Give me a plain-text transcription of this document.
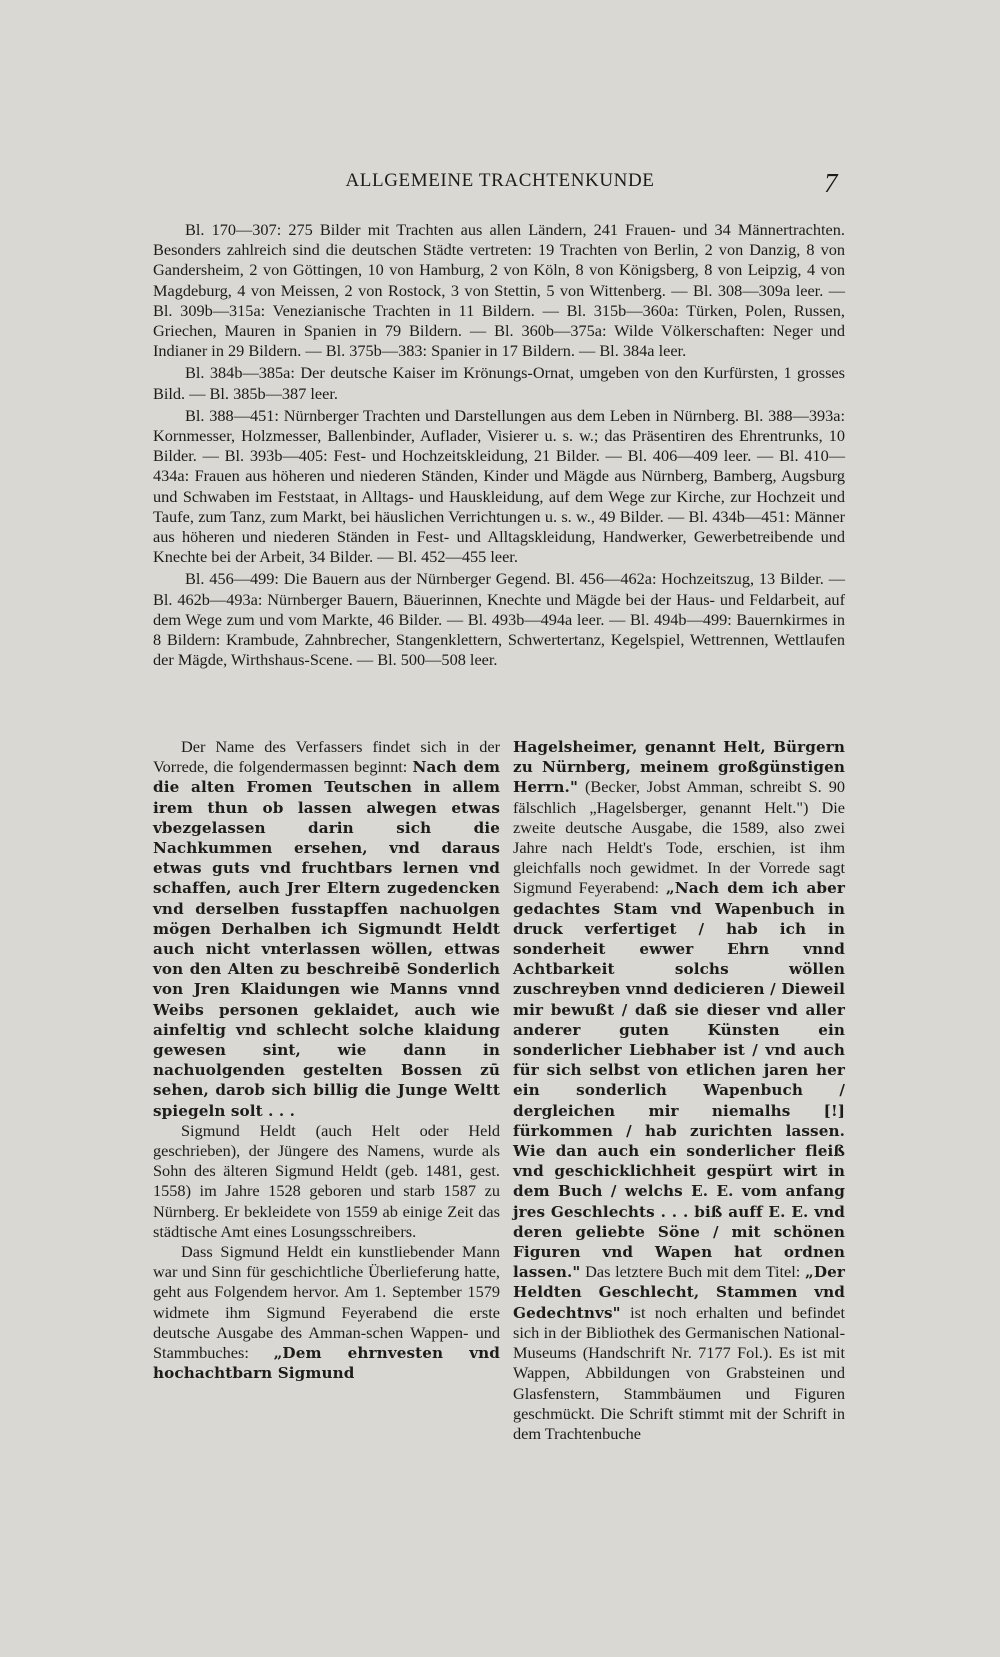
ALLGEMEINE TRACHTENKUNDE	7

Bl. 170—307: 275 Bilder mit Trachten aus allen Ländern, 241 Frauen- und 34 Männertrachten. Besonders zahlreich sind die deutschen Städte vertreten: 19 Trachten von Berlin, 2 von Danzig, 8 von Gandersheim, 2 von Göttingen, 10 von Hamburg, 2 von Köln, 8 von Königsberg, 8 von Leipzig, 4 von Magdeburg, 4 von Meissen, 2 von Rostock, 3 von Stettin, 5 von Wittenberg. — Bl. 308—309a leer. — Bl. 309b—315a: Venezianische Trachten in 11 Bildern. — Bl. 315b—360a: Türken, Polen, Russen, Griechen, Mauren in Spanien in 79 Bildern. — Bl. 360b—375a: Wilde Völkerschaften: Neger und Indianer in 29 Bildern. — Bl. 375b—383: Spanier in 17 Bildern. — Bl. 384a leer.

Bl. 384b—385a: Der deutsche Kaiser im Krönungs-Ornat, umgeben von den Kurfürsten, 1 grosses Bild. — Bl. 385b—387 leer.

Bl. 388—451: Nürnberger Trachten und Darstellungen aus dem Leben in Nürnberg. Bl. 388—393a: Kornmesser, Holzmesser, Ballenbinder, Auflader, Visierer u. s. w.; das Präsentiren des Ehrentrunks, 10 Bilder. — Bl. 393b—405: Fest- und Hochzeitskleidung, 21 Bilder. — Bl. 406—409 leer. — Bl. 410—434a: Frauen aus höheren und niederen Ständen, Kinder und Mägde aus Nürnberg, Bamberg, Augsburg und Schwaben im Feststaat, in Alltags- und Hauskleidung, auf dem Wege zur Kirche, zur Hochzeit und Taufe, zum Tanz, zum Markt, bei häuslichen Verrichtungen u. s. w., 49 Bilder. — Bl. 434b—451: Männer aus höheren und niederen Ständen in Fest- und Alltagskleidung, Handwerker, Gewerbetreibende und Knechte bei der Arbeit, 34 Bilder. — Bl. 452—455 leer.

Bl. 456—499: Die Bauern aus der Nürnberger Gegend. Bl. 456—462a: Hochzeitszug, 13 Bilder. — Bl. 462b—493a: Nürnberger Bauern, Bäuerinnen, Knechte und Mägde bei der Haus- und Feldarbeit, auf dem Wege zum und vom Markte, 46 Bilder. — Bl. 493b—494a leer. — Bl. 494b—499: Bauernkirmes in 8 Bildern: Krambude, Zahnbrecher, Stangenklettern, Schwertertanz, Kegelspiel, Wettrennen, Wettlaufen der Mägde, Wirthshaus-Scene. — Bl. 500—508 leer.

Der Name des Verfassers findet sich in der Vorrede, die folgendermassen beginnt: Nach dem die alten Fromen Teutschen in allem irem thun ob lassen alwegen etwas vbezgelassen darin sich die Nachkummen ersehen, vnd daraus etwas guts vnd fruchtbars lernen vnd schaffen, auch Jrer Eltern zugedencken vnd derselben fusstapffen nachuolgen mögen Derhalben ich Sigmundt Heldt auch nicht vnterlassen wöllen, ettwas von den Alten zu beschreibē Sonderlich von Jren Klaidungen wie Manns vnnd Weibs personen geklaidet, auch wie ainfeltig vnd schlecht solche klaidung gewesen sint, wie dann in nachuolgenden gestelten Bossen zū sehen, darob sich billig die Junge Weltt spiegeln solt . . .

Sigmund Heldt (auch Helt oder Held geschrieben), der Jüngere des Namens, wurde als Sohn des älteren Sigmund Heldt (geb. 1481, gest. 1558) im Jahre 1528 geboren und starb 1587 zu Nürnberg. Er bekleidete von 1559 ab einige Zeit das städtische Amt eines Losungsschreibers.

Dass Sigmund Heldt ein kunstliebender Mann war und Sinn für geschichtliche Überlieferung hatte, geht aus Folgendem hervor. Am 1. September 1579 widmete ihm Sigmund Feyerabend die erste deutsche Ausgabe des Amman-schen Wappen- und Stammbuches: „Dem ehrnvesten vnd hochachtbarn Sigmund

Hagelsheimer, genannt Helt, Bürgern zu Nürnberg, meinem großgünstigen Herrn." (Becker, Jobst Amman, schreibt S. 90 fälschlich „Hagelsberger, genannt Helt.") Die zweite deutsche Ausgabe, die 1589, also zwei Jahre nach Heldt's Tode, erschien, ist ihm gleichfalls noch gewidmet. In der Vorrede sagt Sigmund Feyerabend: „Nach dem ich aber gedachtes Stam vnd Wapenbuch in druck verfertiget / hab ich in sonderheit ewwer Ehrn vnnd Achtbarkeit solchs wöllen zuschreyben vnnd dedicieren / Dieweil mir bewußt / daß sie dieser vnd aller anderer guten Künsten ein sonderlicher Liebhaber ist / vnd auch für sich selbst von etlichen jaren her ein sonderlich Wapenbuch / dergleichen mir niemalhs [!] fürkommen / hab zurichten lassen. Wie dan auch ein sonderlicher fleiß vnd geschicklichheit gespürt wirt in dem Buch / welchs E. E. vom anfang jres Geschlechts . . . biß auff E. E. vnd deren geliebte Söne / mit schönen Figuren vnd Wapen hat ordnen lassen." Das letztere Buch mit dem Titel: „Der Heldten Geschlecht, Stammen vnd Gedechtnvs" ist noch erhalten und befindet sich in der Bibliothek des Germanischen National-Museums (Handschrift Nr. 7177 Fol.). Es ist mit Wappen, Abbildungen von Grabsteinen und Glasfenstern, Stammbäumen und Figuren geschmückt. Die Schrift stimmt mit der Schrift in dem Trachtenbuche
